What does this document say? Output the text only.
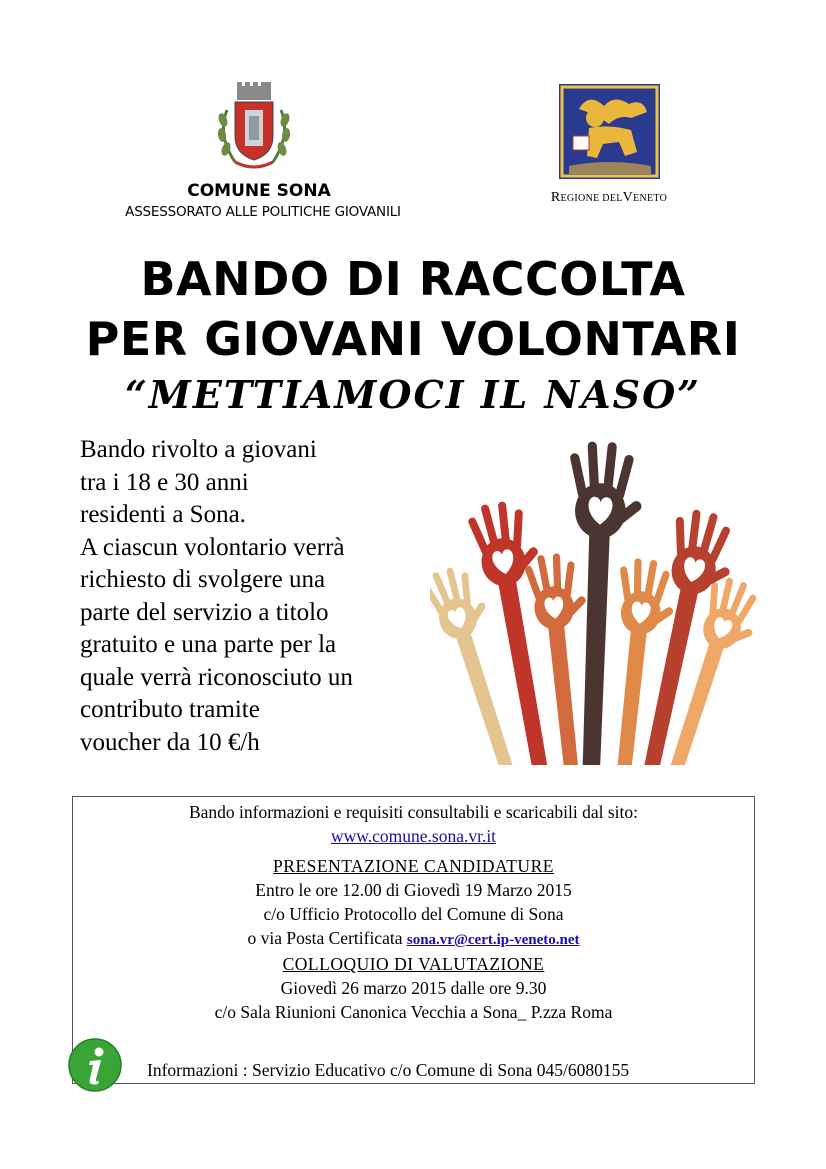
COMUNE SONA
ASSESSORATO ALLE POLITICHE GIOVANILI
REGIONE DELVENETO
BANDO DI RACCOLTA
PER GIOVANI VOLONTARI
“METTIAMOCI IL NASO”
Bando rivolto a giovani
tra i 18 e 30 anni
residenti a Sona.
A ciascun volontario verrà
richiesto di svolgere una
parte del servizio a titolo
gratuito e una parte per la
quale verrà riconosciuto un
contributo tramite
voucher da 10 €/h
Bando informazioni e requisiti consultabili e scaricabili dal sito:
www.comune.sona.vr.it
PRESENTAZIONE CANDIDATURE
Entro le ore 12.00 di Giovedì 19 Marzo 2015
c/o Ufficio Protocollo del Comune di Sona
o via Posta Certificata sona.vr@cert.ip-veneto.net
COLLOQUIO DI VALUTAZIONE
Giovedì 26 marzo 2015 dalle ore 9.30
c/o Sala Riunioni Canonica Vecchia a Sona_ P.zza Roma
Informazioni : Servizio Educativo c/o Comune di Sona 045/6080155
